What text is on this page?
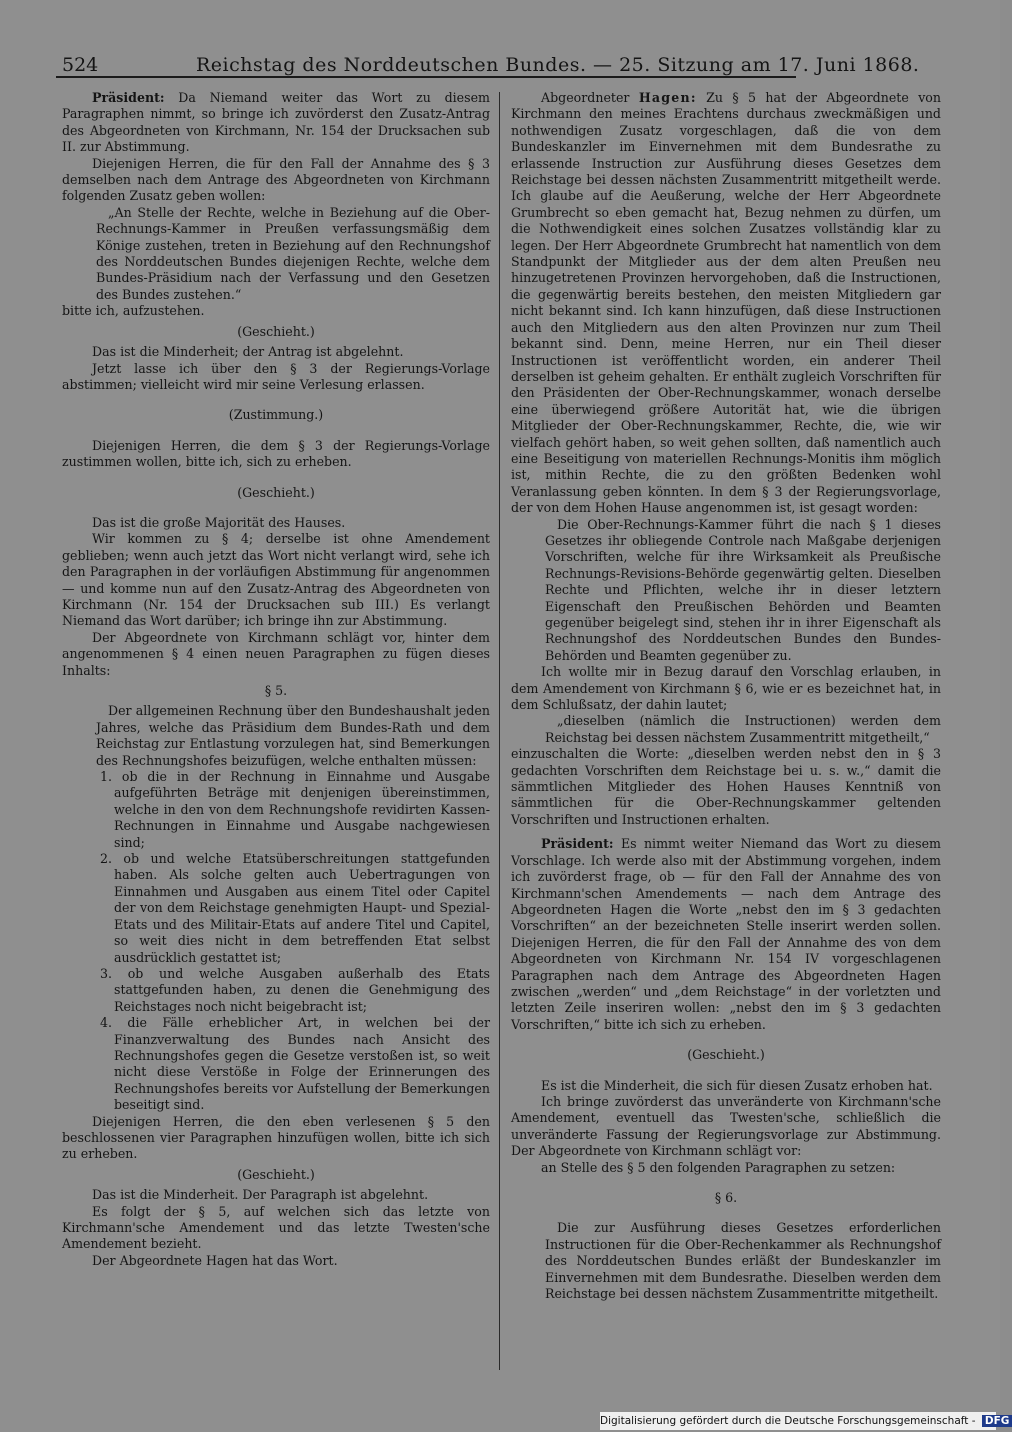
524	Reichstag des Norddeutschen Bundes. — 25. Sitzung am 17. Juni 1868.

Präsident: Da Niemand weiter das Wort zu diesem Paragraphen nimmt, so bringe ich zuvörderst den Zusatz-Antrag des Abgeordneten von Kirchmann, Nr. 154 der Drucksachen sub II. zur Abstimmung.

Diejenigen Herren, die für den Fall der Annahme des § 3 demselben nach dem Antrage des Abgeordneten von Kirchmann folgenden Zusatz geben wollen:

„An Stelle der Rechte, welche in Beziehung auf die Ober-Rechnungs-Kammer in Preußen verfassungsmäßig dem Könige zustehen, treten in Beziehung auf den Rechnungshof des Norddeutschen Bundes diejenigen Rechte, welche dem Bundes-Präsidium nach der Verfassung und den Gesetzen des Bundes zustehen.“

bitte ich, aufzustehen.

(Geschieht.)

Das ist die Minderheit; der Antrag ist abgelehnt.

Jetzt lasse ich über den § 3 der Regierungs-Vorlage abstimmen; vielleicht wird mir seine Verlesung erlassen.

(Zustimmung.)

Diejenigen Herren, die dem § 3 der Regierungs-Vorlage zustimmen wollen, bitte ich, sich zu erheben.

(Geschieht.)

Das ist die große Majorität des Hauses.

Wir kommen zu § 4; derselbe ist ohne Amendement geblieben; wenn auch jetzt das Wort nicht verlangt wird, sehe ich den Paragraphen in der vorläufigen Abstimmung für angenommen — und komme nun auf den Zusatz-Antrag des Abgeordneten von Kirchmann (Nr. 154 der Drucksachen sub III.) Es verlangt Niemand das Wort darüber; ich bringe ihn zur Abstimmung.

Der Abgeordnete von Kirchmann schlägt vor, hinter dem angenommenen § 4 einen neuen Paragraphen zu fügen dieses Inhalts:

§ 5.

Der allgemeinen Rechnung über den Bundeshaushalt jeden Jahres, welche das Präsidium dem Bundes-Rath und dem Reichstag zur Entlastung vorzulegen hat, sind Bemerkungen des Rechnungshofes beizufügen, welche enthalten müssen:

1. ob die in der Rechnung in Einnahme und Ausgabe aufgeführten Beträge mit denjenigen übereinstimmen, welche in den von dem Rechnungshofe revidirten Kassen-Rechnungen in Einnahme und Ausgabe nachgewiesen sind;

2. ob und welche Etatsüberschreitungen stattgefunden haben. Als solche gelten auch Uebertragungen von Einnahmen und Ausgaben aus einem Titel oder Capitel der von dem Reichstage genehmigten Haupt- und Spezial-Etats und des Militair-Etats auf andere Titel und Capitel, so weit dies nicht in dem betreffenden Etat selbst ausdrücklich gestattet ist;

3. ob und welche Ausgaben außerhalb des Etats stattgefunden haben, zu denen die Genehmigung des Reichstages noch nicht beigebracht ist;

4. die Fälle erheblicher Art, in welchen bei der Finanzverwaltung des Bundes nach Ansicht des Rechnungshofes gegen die Gesetze verstoßen ist, so weit nicht diese Verstöße in Folge der Erinnerungen des Rechnungshofes bereits vor Aufstellung der Bemerkungen beseitigt sind.

Diejenigen Herren, die den eben verlesenen § 5 den beschlossenen vier Paragraphen hinzufügen wollen, bitte ich sich zu erheben.

(Geschieht.)

Das ist die Minderheit. Der Paragraph ist abgelehnt.

Es folgt der § 5, auf welchen sich das letzte von Kirchmann'sche Amendement und das letzte Twesten'sche Amendement bezieht.

Der Abgeordnete Hagen hat das Wort.

Abgeordneter Hagen: Zu § 5 hat der Abgeordnete von Kirchmann den meines Erachtens durchaus zweckmäßigen und nothwendigen Zusatz vorgeschlagen, daß die von dem Bundeskanzler im Einvernehmen mit dem Bundesrathe zu erlassende Instruction zur Ausführung dieses Gesetzes dem Reichstage bei dessen nächsten Zusammentritt mitgetheilt werde. Ich glaube auf die Aeußerung, welche der Herr Abgeordnete Grumbrecht so eben gemacht hat, Bezug nehmen zu dürfen, um die Nothwendigkeit eines solchen Zusatzes vollständig klar zu legen. Der Herr Abgeordnete Grumbrecht hat namentlich von dem Standpunkt der Mitglieder aus der dem alten Preußen neu hinzugetretenen Provinzen hervorgehoben, daß die Instructionen, die gegenwärtig bereits bestehen, den meisten Mitgliedern gar nicht bekannt sind. Ich kann hinzufügen, daß diese Instructionen auch den Mitgliedern aus den alten Provinzen nur zum Theil bekannt sind. Denn, meine Herren, nur ein Theil dieser Instructionen ist veröffentlicht worden, ein anderer Theil derselben ist geheim gehalten. Er enthält zugleich Vorschriften für den Präsidenten der Ober-Rechnungskammer, wonach derselbe eine überwiegend größere Autorität hat, wie die übrigen Mitglieder der Ober-Rechnungskammer, Rechte, die, wie wir vielfach gehört haben, so weit gehen sollten, daß namentlich auch eine Beseitigung von materiellen Rechnungs-Monitis ihm möglich ist, mithin Rechte, die zu den größten Bedenken wohl Veranlassung geben könnten. In dem § 3 der Regierungsvorlage, der von dem Hohen Hause angenommen ist, ist gesagt worden:

Die Ober-Rechnungs-Kammer führt die nach § 1 dieses Gesetzes ihr obliegende Controle nach Maßgabe derjenigen Vorschriften, welche für ihre Wirksamkeit als Preußische Rechnungs-Revisions-Behörde gegenwärtig gelten. Dieselben Rechte und Pflichten, welche ihr in dieser letztern Eigenschaft den Preußischen Behörden und Beamten gegenüber beigelegt sind, stehen ihr in ihrer Eigenschaft als Rechnungshof des Norddeutschen Bundes den Bundes-Behörden und Beamten gegenüber zu.

Ich wollte mir in Bezug darauf den Vorschlag erlauben, in dem Amendement von Kirchmann § 6, wie er es bezeichnet hat, in dem Schlußsatz, der dahin lautet;

„dieselben (nämlich die Instructionen) werden dem Reichstag bei dessen nächstem Zusammentritt mitgetheilt,“

einzuschalten die Worte: „dieselben werden nebst den in § 3 gedachten Vorschriften dem Reichstage bei u. s. w.,“ damit die sämmtlichen Mitglieder des Hohen Hauses Kenntniß von sämmtlichen für die Ober-Rechnungskammer geltenden Vorschriften und Instructionen erhalten.

Präsident: Es nimmt weiter Niemand das Wort zu diesem Vorschlage. Ich werde also mit der Abstimmung vorgehen, indem ich zuvörderst frage, ob — für den Fall der Annahme des von Kirchmann'schen Amendements — nach dem Antrage des Abgeordneten Hagen die Worte „nebst den im § 3 gedachten Vorschriften“ an der bezeichneten Stelle inserirt werden sollen. Diejenigen Herren, die für den Fall der Annahme des von dem Abgeordneten von Kirchmann Nr. 154 IV vorgeschlagenen Paragraphen nach dem Antrage des Abgeordneten Hagen zwischen „werden“ und „dem Reichstage“ in der vorletzten und letzten Zeile inseriren wollen: „nebst den im § 3 gedachten Vorschriften,“ bitte ich sich zu erheben.

(Geschieht.)

Es ist die Minderheit, die sich für diesen Zusatz erhoben hat.

Ich bringe zuvörderst das unveränderte von Kirchmann'sche Amendement, eventuell das Twesten'sche, schließlich die unveränderte Fassung der Regierungsvorlage zur Abstimmung. Der Abgeordnete von Kirchmann schlägt vor:

an Stelle des § 5 den folgenden Paragraphen zu setzen:

§ 6.

Die zur Ausführung dieses Gesetzes erforderlichen Instructionen für die Ober-Rechenkammer als Rechnungshof des Norddeutschen Bundes erläßt der Bundeskanzler im Einvernehmen mit dem Bundesrathe. Dieselben werden dem Reichstage bei dessen nächstem Zusammentritte mitgetheilt.

Digitalisierung gefördert durch die Deutsche Forschungsgemeinschaft - DFG
